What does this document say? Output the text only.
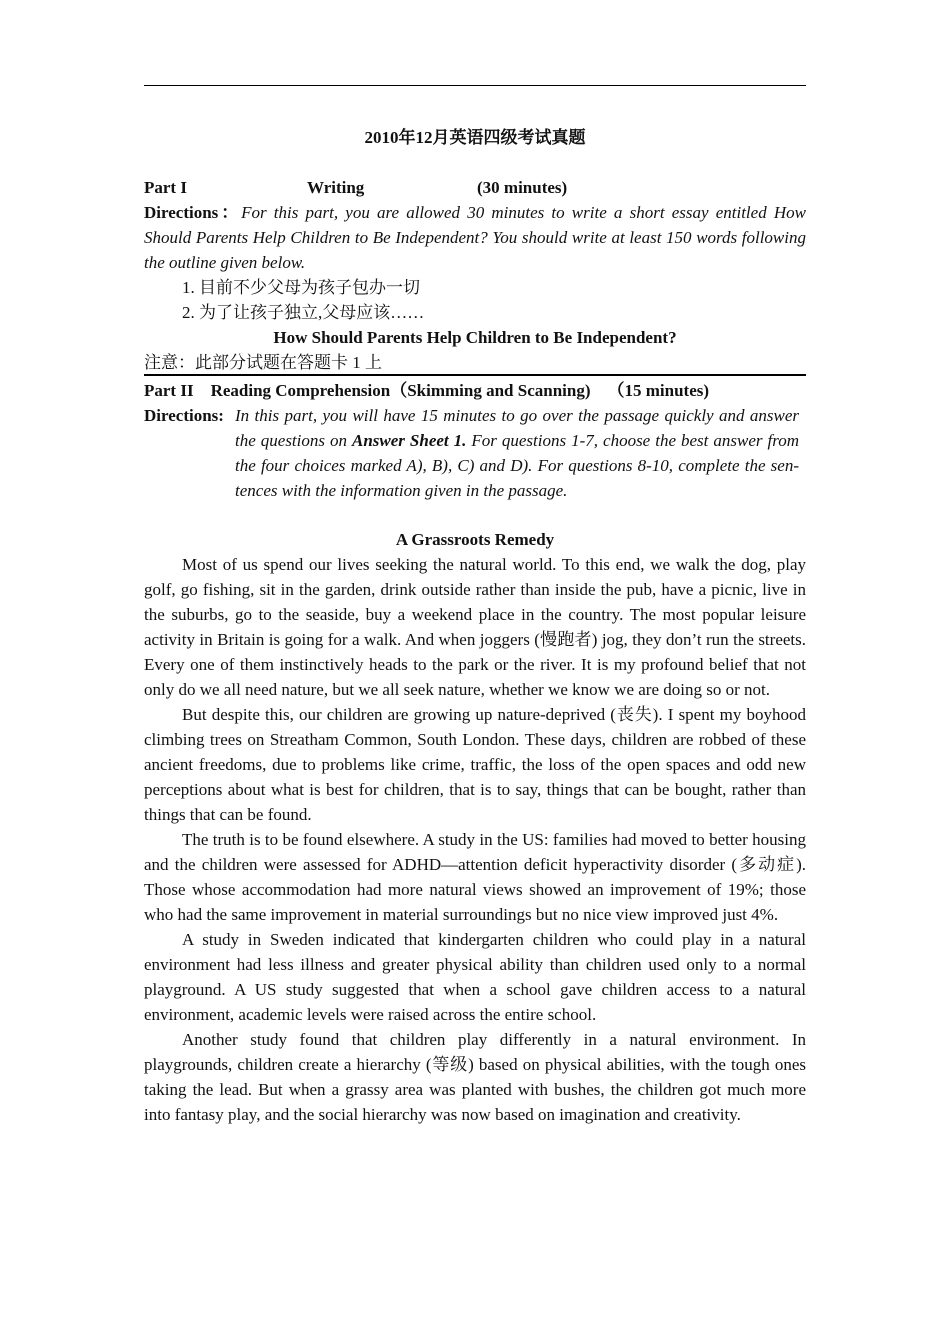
2010年12月英语四级考试真题
Part I	Writing	(30 minutes)

Directions：For this part, you are allowed 30 minutes to write a short essay entitled How Should Parents Help Children to Be Independent? You should write at least 150 words following the outline given below.

1. 目前不少父母为孩子包办一切

2. 为了让孩子独立,父母应该……

How Should Parents Help Children to Be Independent?

注意：此部分试题在答题卡 1 上

Part II    Reading Comprehension（Skimming and Scanning)    （15 minutes)
Directions: In this part, you will have 15 minutes to go over the passage quickly and answer the questions on Answer Sheet 1. For questions 1-7, choose the best answer from the four choices marked A), B), C) and D). For questions 8-10, complete the sen-tences with the information given in the passage.

A Grassroots Remedy

Most of us spend our lives seeking the natural world. To this end, we walk the dog, play golf, go fishing, sit in the garden, drink outside rather than inside the pub, have a picnic, live in the suburbs, go to the seaside, buy a weekend place in the country. The most popular leisure activity in Britain is going for a walk. And when joggers (慢跑者) jog, they don’t run the streets. Every one of them instinctively heads to the park or the river. It is my profound belief that not only do we all need nature, but we all seek nature, whether we know we are doing so or not.

But despite this, our children are growing up nature-deprived (丧失). I spent my boyhood climbing trees on Streatham Common, South London. These days, children are robbed of these ancient freedoms, due to problems like crime, traffic, the loss of the open spaces and odd new perceptions about what is best for children, that is to say, things that can be bought, rather than things that can be found.

The truth is to be found elsewhere. A study in the US: families had moved to better housing and the children were assessed for ADHD—attention deficit hyperactivity disorder (多动症). Those whose accommodation had more natural views showed an improvement of 19%; those who had the same improvement in material surroundings but no nice view improved just 4%.

A study in Sweden indicated that kindergarten children who could play in a natural environment had less illness and greater physical ability than children used only to a normal playground. A US study suggested that when a school gave children access to a natural environment, academic levels were raised across the entire school.

Another study found that children play differently in a natural environment. In playgrounds, children create a hierarchy (等级) based on physical abilities, with the tough ones taking the lead. But when a grassy area was planted with bushes, the children got much more into fantasy play, and the social hierarchy was now based on imagination and creativity.
